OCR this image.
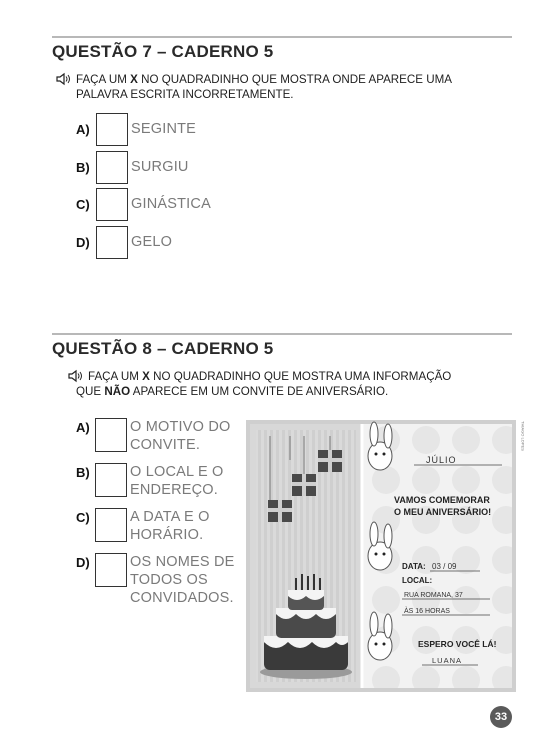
QUESTÃO 7 – CADERNO 5
FAÇA UM X NO QUADRADINHO QUE MOSTRA ONDE APARECE UMA
PALAVRA ESCRITA INCORRETAMENTE.
A)	SEGINTE
B)	SURGIU
C)	GINÁSTICA
D)	GELO
QUESTÃO 8 – CADERNO 5
FAÇA UM X NO QUADRADINHO QUE MOSTRA UMA INFORMAÇÃO
QUE NÃO APARECE EM UM CONVITE DE ANIVERSÁRIO.
A)	O MOTIVO DO
CONVITE.
B)	O LOCAL E O
ENDEREÇO.
C)	A DATA E O
HORÁRIO.
D)	OS NOMES DE
TODOS OS
CONVIDADOS.
JÚLIO
VAMOS COMEMORAR
O MEU ANIVERSÁRIO!
DATA: 03 / 09
LOCAL:
RUA ROMANA, 37
ÀS 16 HORAS
ESPERO VOCÊ LÁ!
LUANA
THIAGO LOPES
33
